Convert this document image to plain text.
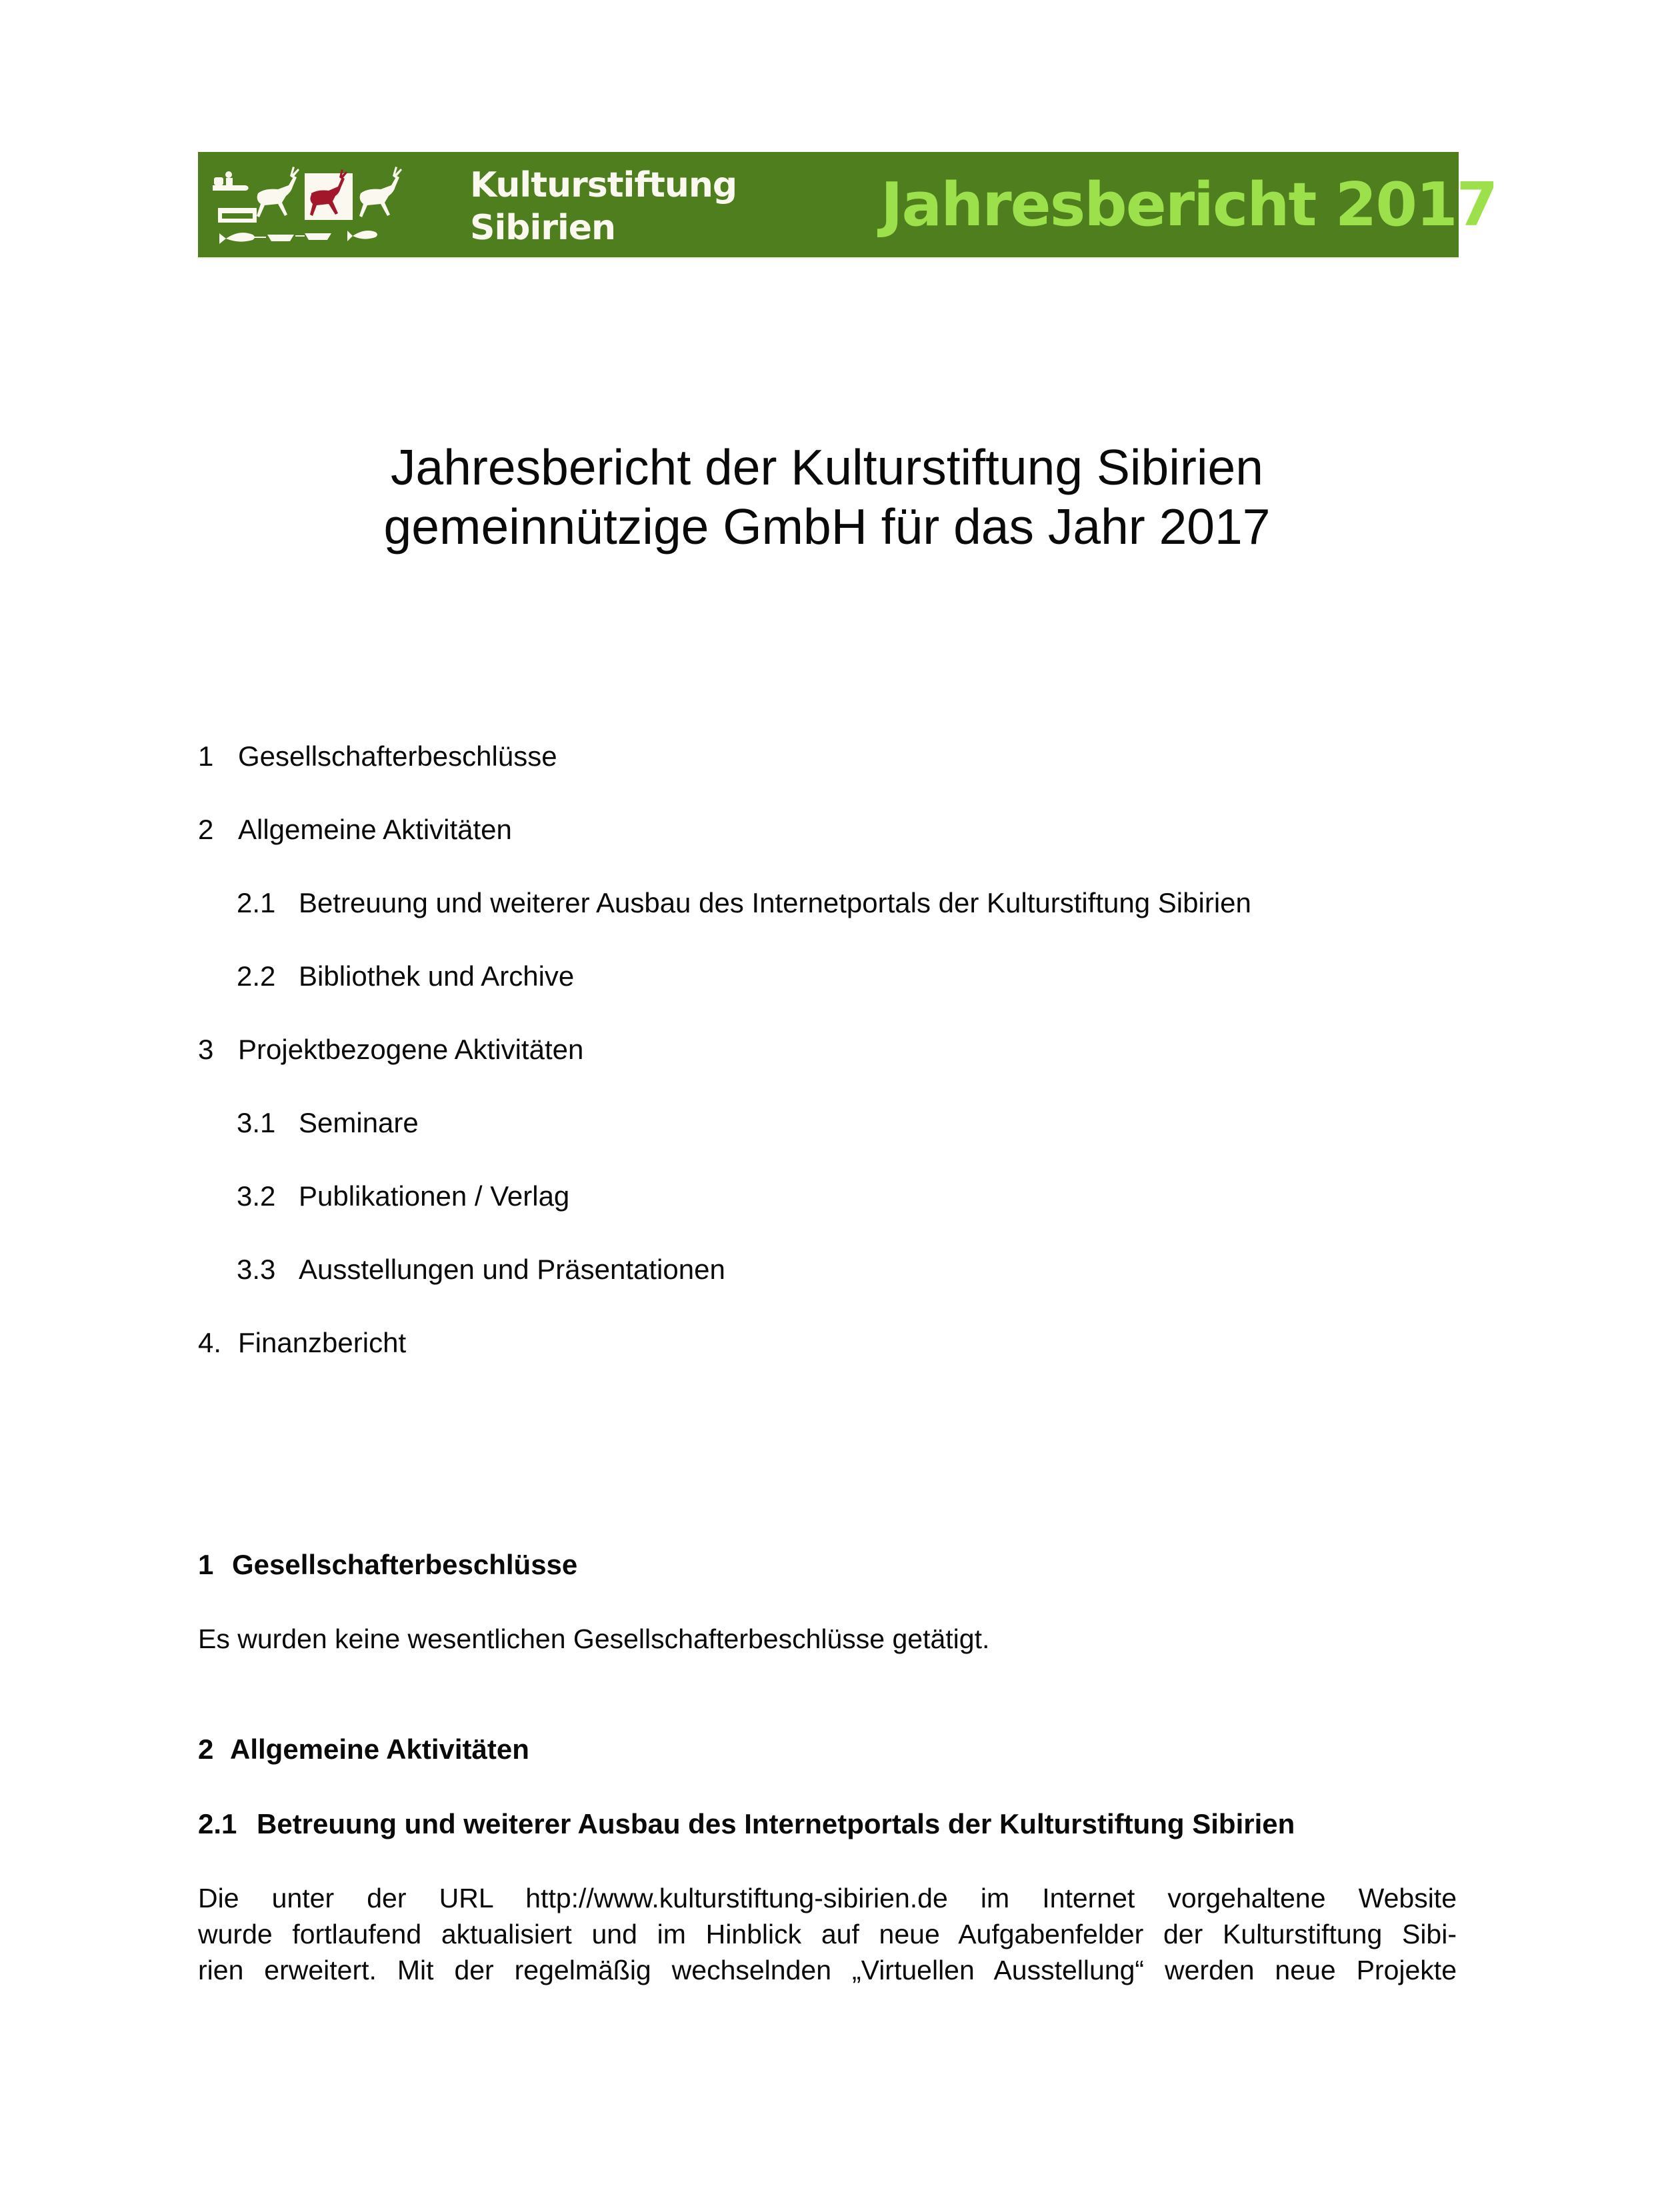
Kulturstiftung
Sibirien	Jahresbericht 2017
Jahresbericht der Kulturstiftung Sibirien
gemeinnützige GmbH für das Jahr 2017
1 Gesellschafterbeschlüsse
2 Allgemeine Aktivitäten
2.1 Betreuung und weiterer Ausbau des Internetportals der Kulturstiftung Sibirien
2.2 Bibliothek und Archive
3 Projektbezogene Aktivitäten
3.1 Seminare
3.2 Publikationen / Verlag
3.3 Ausstellungen und Präsentationen
4. Finanzbericht
1 Gesellschafterbeschlüsse
Es wurden keine wesentlichen Gesellschafterbeschlüsse getätigt.
2 Allgemeine Aktivitäten
2.1 Betreuung und weiterer Ausbau des Internetportals der Kulturstiftung Sibirien
Die unter der URL http://www.kulturstiftung-sibirien.de im Internet vorgehaltene Website
wurde fortlaufend aktualisiert und im Hinblick auf neue Aufgabenfelder der Kulturstiftung Sibi-
rien erweitert. Mit der regelmäßig wechselnden „Virtuellen Ausstellung“ werden neue Projekte
